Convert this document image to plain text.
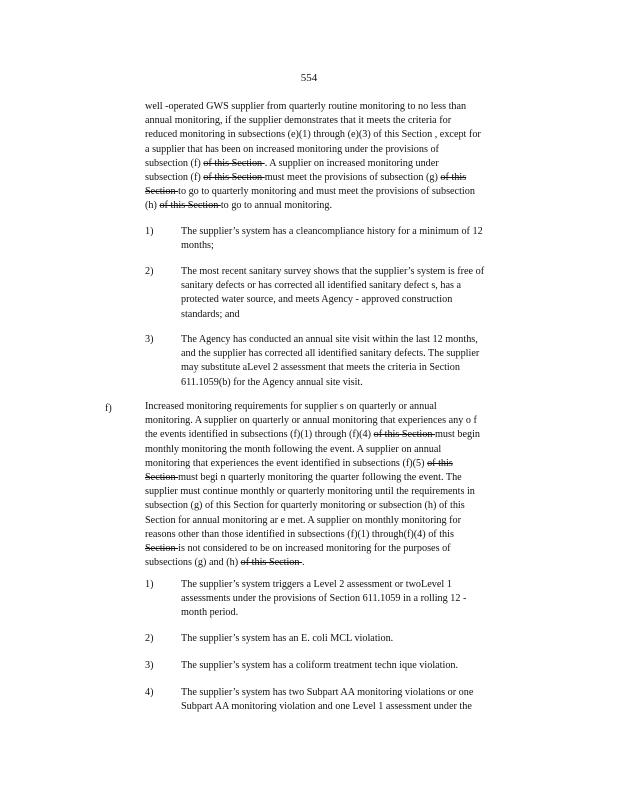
554
well -operated GWS supplier from quarterly routine monitoring to no less than
annual monitoring, if the supplier demonstrates that it meets the criteria for
reduced monitoring in subsections (e)(1) through (e)(3) of this Section , except for
a supplier that has been on increased monitoring under the provisions of
subsection (f) of this Section . A supplier on increased monitoring under
subsection (f) of this Section must meet the provisions of subsection (g) of this
Section to go to quarterly monitoring and must meet the provisions of subsection
(h) of this Section to go to annual monitoring.
1)	The supplier’s system has a cleancompliance history for a minimum of 12
months;
2)	The most recent sanitary survey shows that the supplier’s system is free of
sanitary defects or has corrected all identified sanitary defect s, has a
protected water source, and meets Agency - approved construction
standards; and
3)	The Agency has conducted an annual site visit within the last 12 months,
and the supplier has corrected all identified sanitary defects. The supplier
may substitute aLevel 2 assessment that meets the criteria in Section
611.1059(b) for the Agency annual site visit.
f)	Increased monitoring requirements for supplier s on quarterly or annual
monitoring. A supplier on quarterly or annual monitoring that experiences any o f
the events identified in subsections (f)(1) through (f)(4) of this Section must begin
monthly monitoring the month following the event. A supplier on annual
monitoring that experiences the event identified in subsections (f)(5) of this
Section must begi n quarterly monitoring the quarter following the event. The
supplier must continue monthly or quarterly monitoring until the requirements in
subsection (g) of this Section for quarterly monitoring or subsection (h) of this
Section for annual monitoring ar e met. A supplier on monthly monitoring for
reasons other than those identified in subsections (f)(1) through(f)(4) of this
Section is not considered to be on increased monitoring for the purposes of
subsections (g) and (h) of this Section .
1)	The supplier’s system triggers a Level 2 assessment or twoLevel 1
assessments under the provisions of Section 611.1059 in a rolling 12 -
month period.
2)	The supplier’s system has an E. coli MCL violation.
3)	The supplier’s system has a coliform treatment techn ique violation.
4)	The supplier’s system has two Subpart AA monitoring violations or one
Subpart AA monitoring violation and one Level 1 assessment under the
